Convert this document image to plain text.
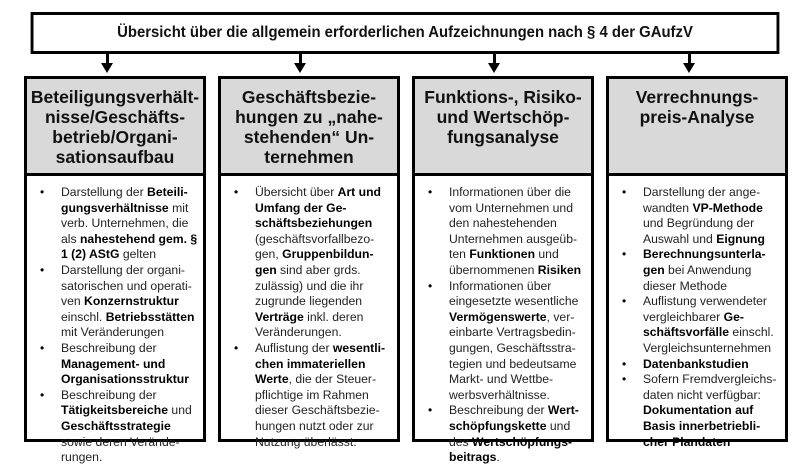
Übersicht über die allgemein erforderlichen Aufzeichnungen nach § 4 der GAufzV
Beteiligungsverhält-
nisse/Geschäfts-
betrieb/Organi-
sationsaufbau
• Darstellung der Beteili-gungsverhältnisse mit verb. Unternehmen, die als nahestehend gem. § 1 (2) AStG gelten
• Darstellung der organi-satorischen und operati-ven Konzernstruktur einschl. Betriebsstätten mit Veränderungen
• Beschreibung der Management- und Organisationsstruktur
• Beschreibung der Tätigkeitsbereiche und Geschäftsstrategie sowie deren Verände-rungen.
Geschäftsbezie-
hungen zu „nahe-
stehenden“ Un-
ternehmen
• Übersicht über Art und Umfang der Ge-schäftsbeziehungen (geschäftsvorfallbezo-gen, Gruppenbildun-gen sind aber grds. zulässig) und die ihr zugrunde liegenden Verträge inkl. deren Veränderungen.
• Auflistung der wesentli-chen immateriellen Werte, die der Steuer-pflichtige im Rahmen dieser Geschäftsbezie-hungen nutzt oder zur Nutzung überlässt.
Funktions-, Risiko-
und Wertschöp-
fungsanalyse
• Informationen über die vom Unternehmen und den nahestehenden Unternehmen ausgeüb-ten Funktionen und übernommenen Risiken
• Informationen über eingesetzte wesentliche Vermögenswerte, ver-einbarte Vertragsbedin-gungen, Geschäftsstra-tegien und bedeutsame Markt- und Wettbe-werbsverhältnisse.
• Beschreibung der Wert-schöpfungskette und des Wertschöpfungs-beitrags.
Verrechnungs-
preis-Analyse
• Darstellung der ange-wandten VP-Methode und Begründung der Auswahl und Eignung
• Berechnungsunterla-gen bei Anwendung dieser Methode
• Auflistung verwendeter vergleichbarer Ge-schäftsvorfälle einschl. Vergleichsunternehmen
• Datenbankstudien
• Sofern Fremdvergleichs-daten nicht verfügbar: Dokumentation auf Basis innerbetriebli-cher Plandaten
